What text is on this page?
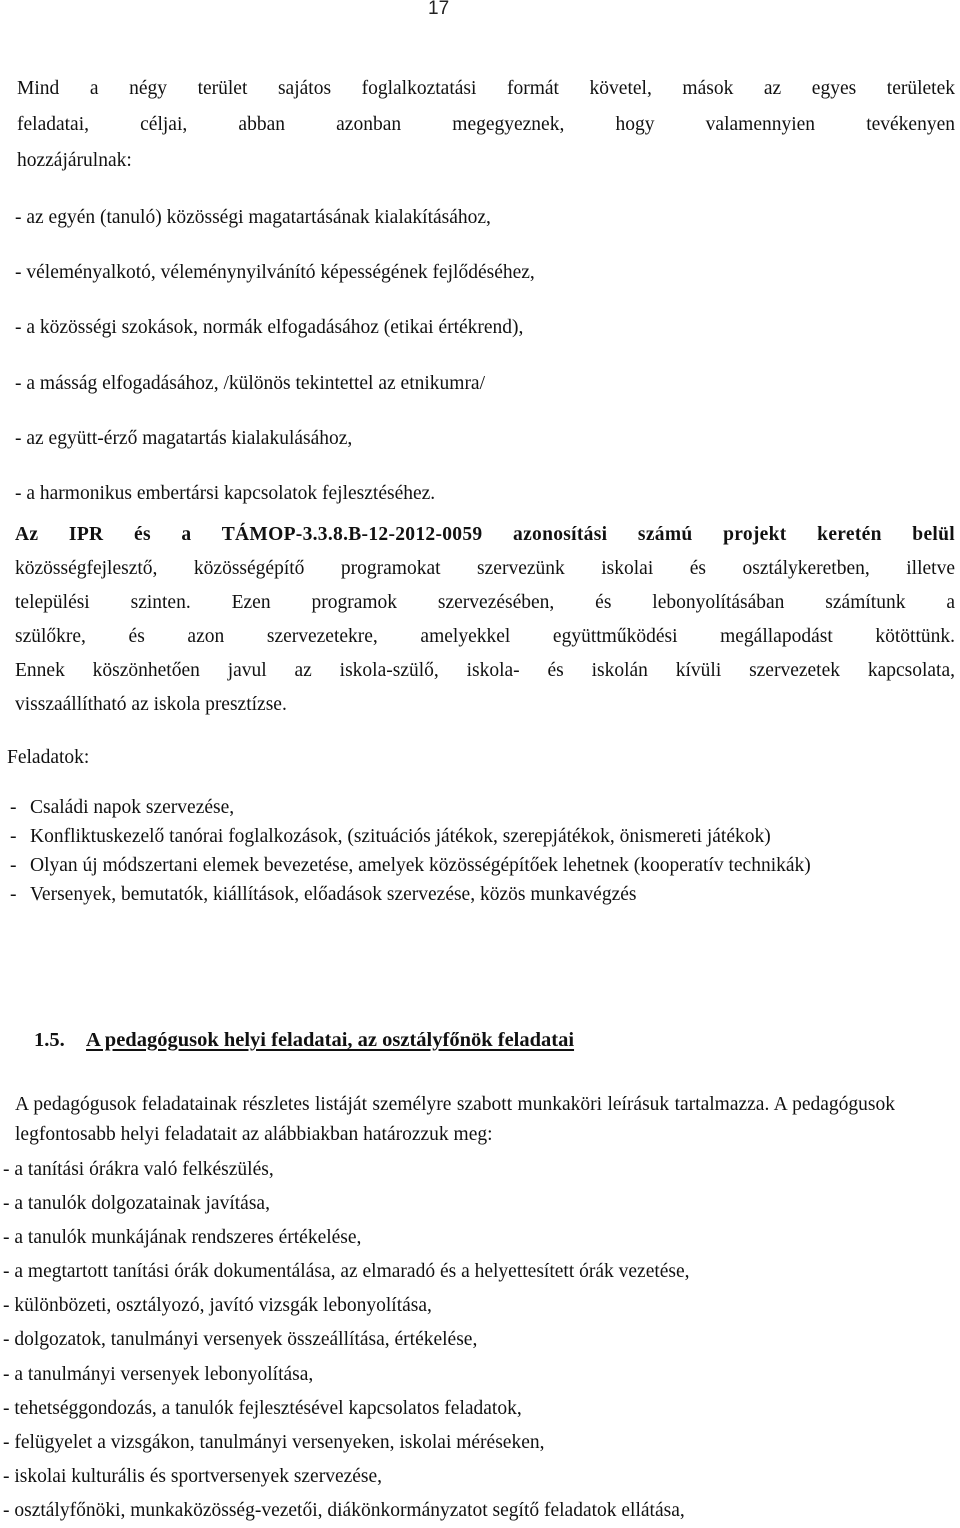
17
Mind a négy terület sajátos foglalkoztatási formát követel, mások az egyes területek
feladatai, céljai, abban azonban megegyeznek, hogy valamennyien tevékenyen
hozzájárulnak:
- az egyén (tanuló) közösségi magatartásának kialakításához,
- véleményalkotó, véleménynyilvánító képességének fejlődéséhez,
- a közösségi szokások, normák elfogadásához (etikai értékrend),
- a másság elfogadásához, /különös tekintettel az etnikumra/
- az együtt-érző magatartás kialakulásához,
- a harmonikus embertársi kapcsolatok fejlesztéséhez.
Az IPR és a TÁMOP-3.3.8.B-12-2012-0059 azonosítási számú projekt keretén belül
közösségfejlesztő, közösségépítő programokat szervezünk iskolai és osztálykeretben, illetve
települési szinten. Ezen programok szervezésében, és lebonyolításában számítunk a
szülőkre, és azon szervezetekre, amelyekkel együttműködési megállapodást kötöttünk.
Ennek köszönhetően javul az iskola-szülő, iskola- és iskolán kívüli szervezetek kapcsolata,
visszaállítható az iskola presztízse.
Feladatok:
- Családi napok szervezése,
- Konfliktuskezelő tanórai foglalkozások, (szituációs játékok, szerepjátékok, önismereti játékok)
- Olyan új módszertani elemek bevezetése, amelyek közösségépítőek lehetnek (kooperatív technikák)
- Versenyek, bemutatók, kiállítások, előadások szervezése, közös munkavégzés
1.5. A pedagógusok helyi feladatai, az osztályfőnök feladatai
A pedagógusok feladatainak részletes listáját személyre szabott munkaköri leírásuk tartalmazza. A pedagógusok legfontosabb helyi feladatait az alábbiakban határozzuk meg:
- a tanítási órákra való felkészülés,
- a tanulók dolgozatainak javítása,
- a tanulók munkájának rendszeres értékelése,
- a megtartott tanítási órák dokumentálása, az elmaradó és a helyettesített órák vezetése,
- különbözeti, osztályozó, javító vizsgák lebonyolítása,
- dolgozatok, tanulmányi versenyek összeállítása, értékelése,
- a tanulmányi versenyek lebonyolítása,
- tehetséggondozás, a tanulók fejlesztésével kapcsolatos feladatok,
- felügyelet a vizsgákon, tanulmányi versenyeken, iskolai méréseken,
- iskolai kulturális és sportversenyek szervezése,
- osztályfőnöki, munkaközösség-vezetői, diákönkormányzatot segítő feladatok ellátása,
